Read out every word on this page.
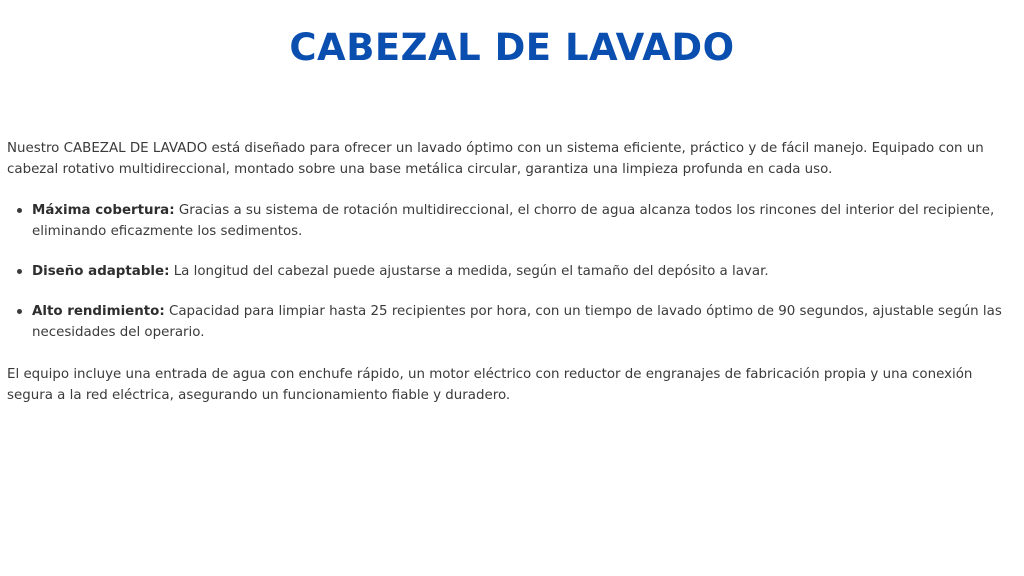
CABEZAL DE LAVADO

Nuestro CABEZAL DE LAVADO está diseñado para ofrecer un lavado óptimo con un sistema eficiente, práctico y de fácil manejo. Equipado con un cabezal rotativo multidireccional, montado sobre una base metálica circular, garantiza una limpieza profunda en cada uso.

Máxima cobertura: Gracias a su sistema de rotación multidireccional, el chorro de agua alcanza todos los rincones del interior del recipiente, eliminando eficazmente los sedimentos.
Diseño adaptable: La longitud del cabezal puede ajustarse a medida, según el tamaño del depósito a lavar.
Alto rendimiento: Capacidad para limpiar hasta 25 recipientes por hora, con un tiempo de lavado óptimo de 90 segundos, ajustable según las necesidades del operario.

El equipo incluye una entrada de agua con enchufe rápido, un motor eléctrico con reductor de engranajes de fabricación propia y una conexión segura a la red eléctrica, asegurando un funcionamiento fiable y duradero.
